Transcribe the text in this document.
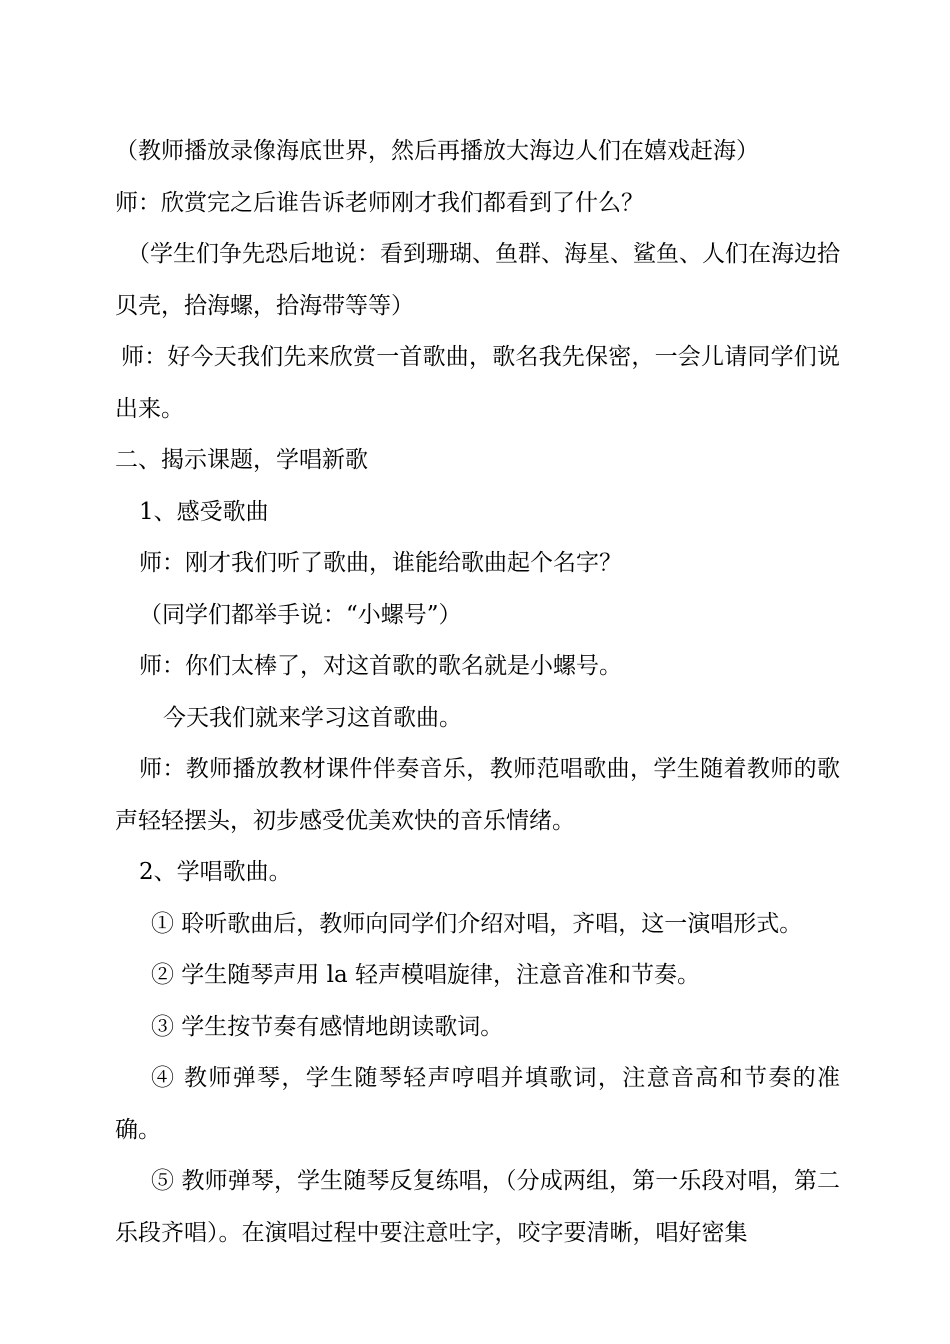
（教师播放录像海底世界，然后再播放大海边人们在嬉戏赶海）

师：欣赏完之后谁告诉老师刚才我们都看到了什么？

（学生们争先恐后地说：看到珊瑚、鱼群、海星、鲨鱼、人们在海边拾贝壳，拾海螺，拾海带等等）

师：好今天我们先来欣赏一首歌曲，歌名我先保密，一会儿请同学们说出来。

二、揭示课题，学唱新歌

1、感受歌曲

师：刚才我们听了歌曲，谁能给歌曲起个名字？

（同学们都举手说：“小螺号”）

师：你们太棒了，对这首歌的歌名就是小螺号。

今天我们就来学习这首歌曲。

师：教师播放教材课件伴奏音乐，教师范唱歌曲，学生随着教师的歌声轻轻摆头，初步感受优美欢快的音乐情绪。

2、学唱歌曲。

① 聆听歌曲后，教师向同学们介绍对唱，齐唱，这一演唱形式。

② 学生随琴声用 la 轻声模唱旋律，注意音准和节奏。

③ 学生按节奏有感情地朗读歌词。

④ 教师弹琴，学生随琴轻声哼唱并填歌词，注意音高和节奏的准确。

⑤ 教师弹琴，学生随琴反复练唱，（分成两组，第一乐段对唱，第二乐段齐唱）。在演唱过程中要注意吐字，咬字要清晰，唱好密集
